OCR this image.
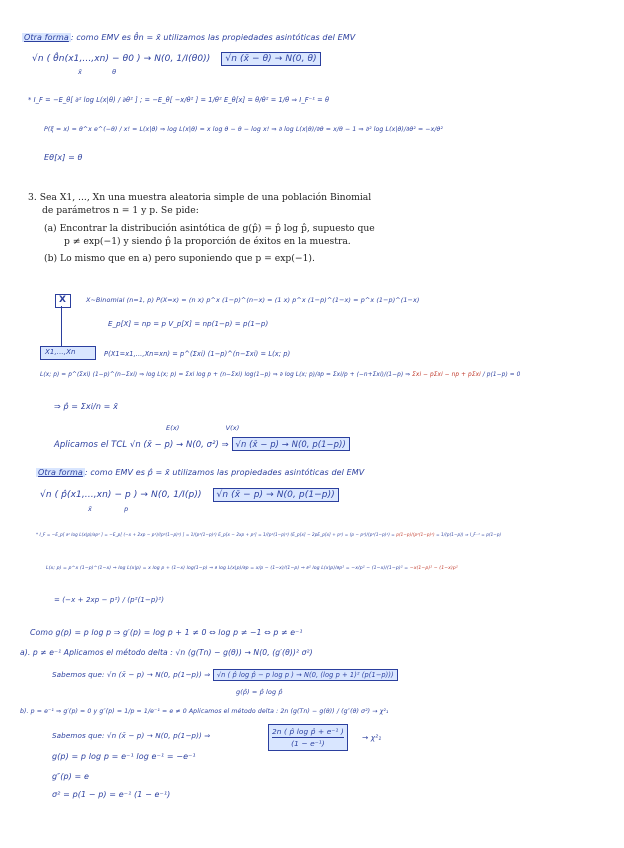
Otra forma : como EMV es θ̂n = x̄ utilizamos las propiedades asintóticas del EMV
√n ( θ̂n(x1,...,xn) − θ0 ) → N(0, 1/I(θ0)) √n (x̄ − θ) → N(0, θ)
x̄	θ
* I_F = −E_θ[ ∂² log L(x|θ) / ∂θ² ] ; = −E_θ[ −x/θ² ] = 1/θ² E_θ[x] = θ/θ² = 1/θ ⇒ I_F⁻¹ = θ
P(ξ = x) = θ^x e^(−θ) / x! = L(x|θ) ⇒ log L(x|θ) = x log θ − θ − log x! ⇒ ∂ log L(x|θ)/∂θ = x/θ − 1 ⇒ ∂² log L(x|θ)/∂θ² = −x/θ²
Eθ[x] = θ
3. Sea X1, ..., Xn una muestra aleatoria simple de una población Binomial
de parámetros n = 1 y p. Se pide:
(a) Encontrar la distribución asintótica de g(p̂) = p̂ log p̂, supuesto que
p ≠ exp(−1) y siendo p̂ la proporción de éxitos en la muestra.
(b) Lo mismo que en a) pero suponiendo que p = exp(−1).
X	X∼Binomial (n=1, p) P(X=x) = (n x) p^x (1−p)^(n−x) = (1 x) p^x (1−p)^(1−x) = p^x (1−p)^(1−x)
E_p[X] = np = p V_p[X] = np(1−p) = p(1−p)
X1,...,Xn	P(X1=x1,...,Xn=xn) = p^(Σxi) (1−p)^(n−Σxi) = L(x; p)
L(x; p) = p^(Σxi) (1−p)^(n−Σxi) ⇒ log L(x; p) = Σxi log p + (n−Σxi) log(1−p) ⇒ ∂ log L(x; p)/∂p = Σxi/p + (−n+Σxi)/(1−p) ⇒ Σxi − pΣxi − np + pΣxi / p(1−p) = 0
⇒ p̂ = Σxi/n = x̄
E(x)	V(x)
Aplicamos el TCL √n (x̄ − p) → N(0, σ²) ⇒ √n (x̄ − p) → N(0, p(1−p))
Otra forma : como EMV es p̂ = x̄ utilizamos las propiedades asintóticas del EMV
√n ( p̂(x1,...,xn) − p ) → N(0, 1/I(p)) √n (x̄ − p) → N(0, p(1−p))
x̄	p
* I_F = −E_p[ ∂² log L(x|p)/∂p² ] = −E_p[ (−x + 2xp − p²)/(p²(1−p)²) ] = 1/(p²(1−p)²) E_p[x − 2xp + p²] = 1/(p²(1−p)²) (E_p[x] − 2pE_p[x] + p²) = (p − p²)/(p²(1−p)²) = p(1−p)/(p²(1−p)²) = 1/(p(1−p)) ⇒ I_F⁻¹ = p(1−p)
L(x; p) = p^x (1−p)^(1−x) ⇒ log L(x|p) = x log p + (1−x) log(1−p) ⇒ ∂ log L(x|p)/∂p = x/p − (1−x)/(1−p) ⇒ ∂² log L(x|p)/∂p² = −x/p² − (1−x)/(1−p)² = −x(1−p)² − (1−x)p²
= (−x + 2xp − p²) / (p²(1−p)²)
Como g(p) = p log p ⇒ g′(p) = log p + 1 ≠ 0 ⇔ log p ≠ −1 ⇔ p ≠ e⁻¹
a). p ≠ e⁻¹ Aplicamos el método delta : √n (g(Tn) − g(θ)) → N(0, (g′(θ))² σ²)
Sabemos que: √n (x̄ − p) → N(0, p(1−p)) ⇒ √n ( p̂ log p̂ − p log p ) → N(0, (log p + 1)² (p(1−p)))
g(p̂) = p̂ log p̂
b). p = e⁻¹ ⇒ g′(p) = 0 y g″(p) = 1/p = 1/e⁻¹ = e ≠ 0 Aplicamos el método delta : 2n (g(Tn) − g(θ)) / (g″(θ) σ²) → χ²₁
Sabemos que: √n (x̄ − p) → N(0, p(1−p)) ⇒	$\frac{\text{2n ( p̂ log p̂ + e⁻¹ )}}{\text{(1 − e⁻¹)}} \to \chi^2_1$
g(p) = p log p = e⁻¹ log e⁻¹ = −e⁻¹
g″(p) = e
σ² = p(1 − p) = e⁻¹ (1 − e⁻¹)
